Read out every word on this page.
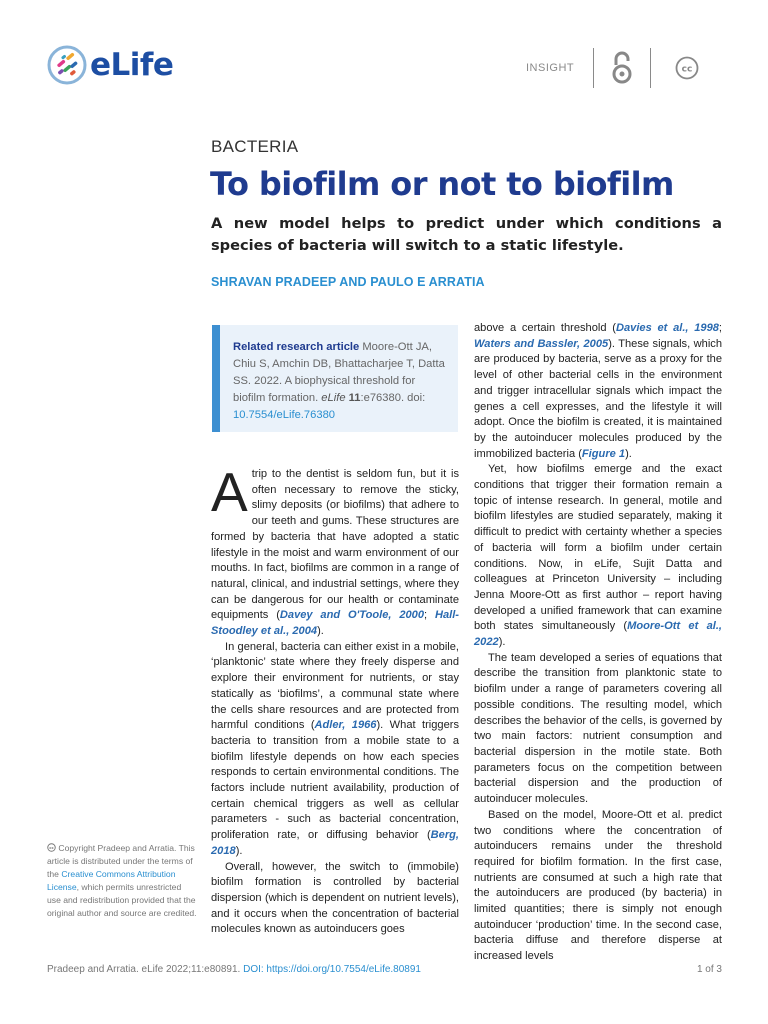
eLife	INSIGHT	cc
BACTERIA
To biofilm or not to biofilm

A new model helps to predict under which conditions a species of bacteria will switch to a static lifestyle.

SHRAVAN PRADEEP AND PAULO E ARRATIA
Related research article Moore-Ott JA, Chiu S, Amchin DB, Bhattacharjee T, Datta SS. 2022. A biophysical threshold for biofilm formation. eLife 11:e76380. doi: 10.7554/eLife.76380

A trip to the dentist is seldom fun, but it is often necessary to remove the sticky, slimy deposits (or biofilms) that adhere to our teeth and gums. These structures are formed by bacteria that have adopted a static lifestyle in the moist and warm environment of our mouths. In fact, biofilms are common in a range of natural, clinical, and industrial settings, where they can be dangerous for our health or contaminate equipments (Davey and O'Toole, 2000; Hall-Stoodley et al., 2004).

In general, bacteria can either exist in a mobile, ‘planktonic’ state where they freely disperse and explore their environment for nutrients, or stay statically as ‘biofilms’, a communal state where the cells share resources and are protected from harmful conditions (Adler, 1966). What triggers bacteria to transition from a mobile state to a biofilm lifestyle depends on how each species responds to certain environmental conditions. The factors include nutrient availability, production of certain chemical triggers as well as cellular parameters - such as bacterial concentration, proliferation rate, or diffusing behavior (Berg, 2018).

Overall, however, the switch to (immobile) biofilm formation is controlled by bacterial dispersion (which is dependent on nutrient levels), and it occurs when the concentration of bacterial molecules known as autoinducers goes

above a certain threshold (Davies et al., 1998; Waters and Bassler, 2005). These signals, which are produced by bacteria, serve as a proxy for the level of other bacterial cells in the environment and trigger intracellular signals which impact the genes a cell expresses, and the lifestyle it will adopt. Once the biofilm is created, it is maintained by the autoinducer molecules produced by the immobilized bacteria (Figure 1).

Yet, how biofilms emerge and the exact conditions that trigger their formation remain a topic of intense research. In general, motile and biofilm lifestyles are studied separately, making it difficult to predict with certainty whether a species of bacteria will form a biofilm under certain conditions. Now, in eLife, Sujit Datta and colleagues at Princeton University – including Jenna Moore-Ott as first author – report having developed a unified framework that can examine both states simultaneously (Moore-Ott et al., 2022).

The team developed a series of equations that describe the transition from planktonic state to biofilm under a range of parameters covering all possible conditions. The resulting model, which describes the behavior of the cells, is governed by two main factors: nutrient consumption and bacterial dispersion in the motile state. Both parameters focus on the competition between bacterial dispersion and the production of autoinducer molecules.

Based on the model, Moore-Ott et al. predict two conditions where the concentration of autoinducers remains under the threshold required for biofilm formation. In the first case, nutrients are consumed at such a high rate that the autoinducers are produced (by bacteria) in limited quantities; there is simply not enough autoinducer ‘production’ time. In the second case, bacteria diffuse and therefore disperse at increased levels

cc Copyright Pradeep and Arratia. This article is distributed under the terms of the Creative Commons Attribution License, which permits unrestricted use and redistribution provided that the original author and source are credited.
Pradeep and Arratia. eLife 2022;11:e80891. DOI: https://doi.org/10.7554/eLife.80891	1 of 3
